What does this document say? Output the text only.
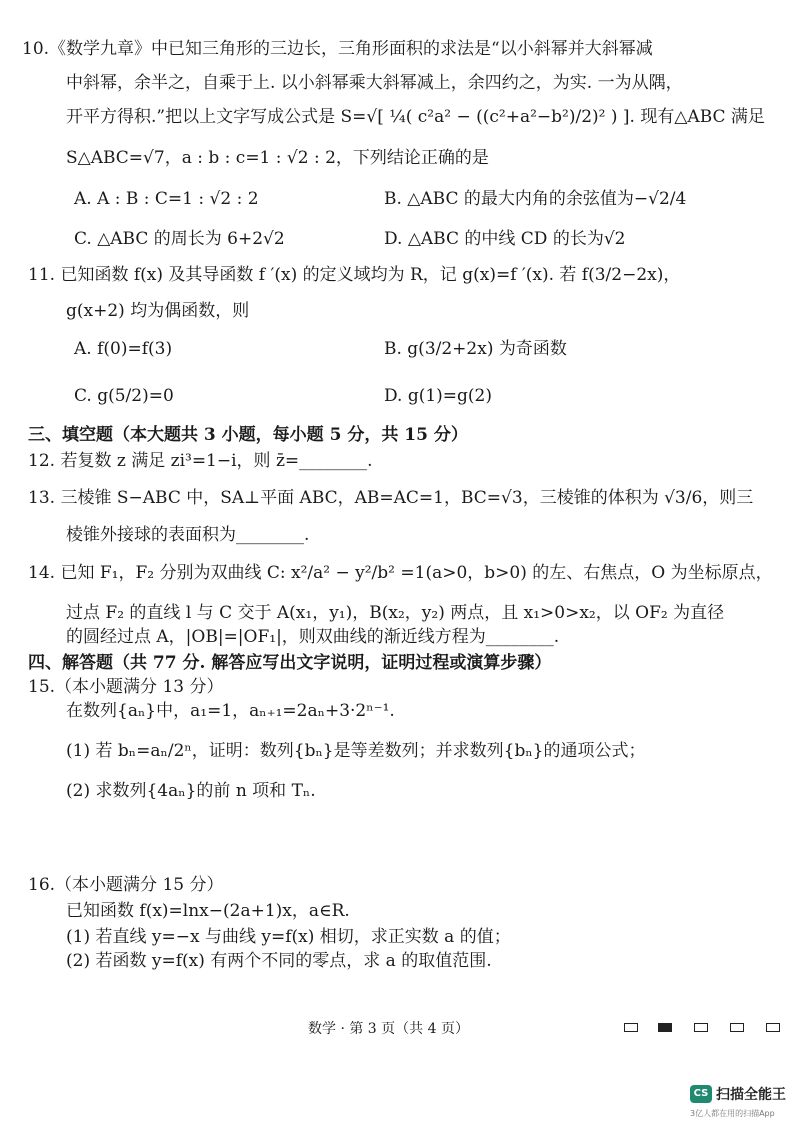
10.《数学九章》中已知三角形的三边长，三角形面积的求法是“以小斜幂并大斜幂减
中斜幂，余半之，自乘于上. 以小斜幂乘大斜幂减上，余四约之，为实. 一为从隅，
开平方得积.”把以上文字写成公式是 S=√[ ¼( c²a² − ((c²+a²−b²)/2)² ) ]. 现有△ABC 满足
S△ABC=√7，a : b : c=1 : √2 : 2，下列结论正确的是
A. A : B : C=1 : √2 : 2	B. △ABC 的最大内角的余弦值为−√2/4
C. △ABC 的周长为 6+2√2	D. △ABC 的中线 CD 的长为√2
11. 已知函数 f(x) 及其导函数 f ′(x) 的定义域均为 R，记 g(x)=f ′(x). 若 f(3/2−2x)，
g(x+2) 均为偶函数，则
A. f(0)=f(3)	B. g(3/2+2x) 为奇函数
C. g(5/2)=0	D. g(1)=g(2)
三、填空题（本大题共 3 小题，每小题 5 分，共 15 分）
12. 若复数 z 满足 zi³=1−i，则 z̄=________.
13. 三棱锥 S−ABC 中，SA⊥平面 ABC，AB=AC=1，BC=√3，三棱锥的体积为 √3/6，则三
棱锥外接球的表面积为________.
14. 已知 F₁，F₂ 分别为双曲线 C: x²/a² − y²/b² =1(a>0，b>0) 的左、右焦点，O 为坐标原点，
过点 F₂ 的直线 l 与 C 交于 A(x₁，y₁)，B(x₂，y₂) 两点，且 x₁>0>x₂，以 OF₂ 为直径
的圆经过点 A，|OB|=|OF₁|，则双曲线的渐近线方程为________.
四、解答题（共 77 分. 解答应写出文字说明，证明过程或演算步骤）
15.（本小题满分 13 分）
在数列{aₙ}中，a₁=1，aₙ₊₁=2aₙ+3·2ⁿ⁻¹.
(1) 若 bₙ=aₙ/2ⁿ，证明：数列{bₙ}是等差数列；并求数列{bₙ}的通项公式；
(2) 求数列{4aₙ}的前 n 项和 Tₙ.
16.（本小题满分 15 分）
已知函数 f(x)=lnx−(2a+1)x，a∈R.
(1) 若直线 y=−x 与曲线 y=f(x) 相切，求正实数 a 的值；
(2) 若函数 y=f(x) 有两个不同的零点，求 a 的取值范围.
数学 · 第 3 页（共 4 页）
CS 扫描全能王
3亿人都在用的扫描App
